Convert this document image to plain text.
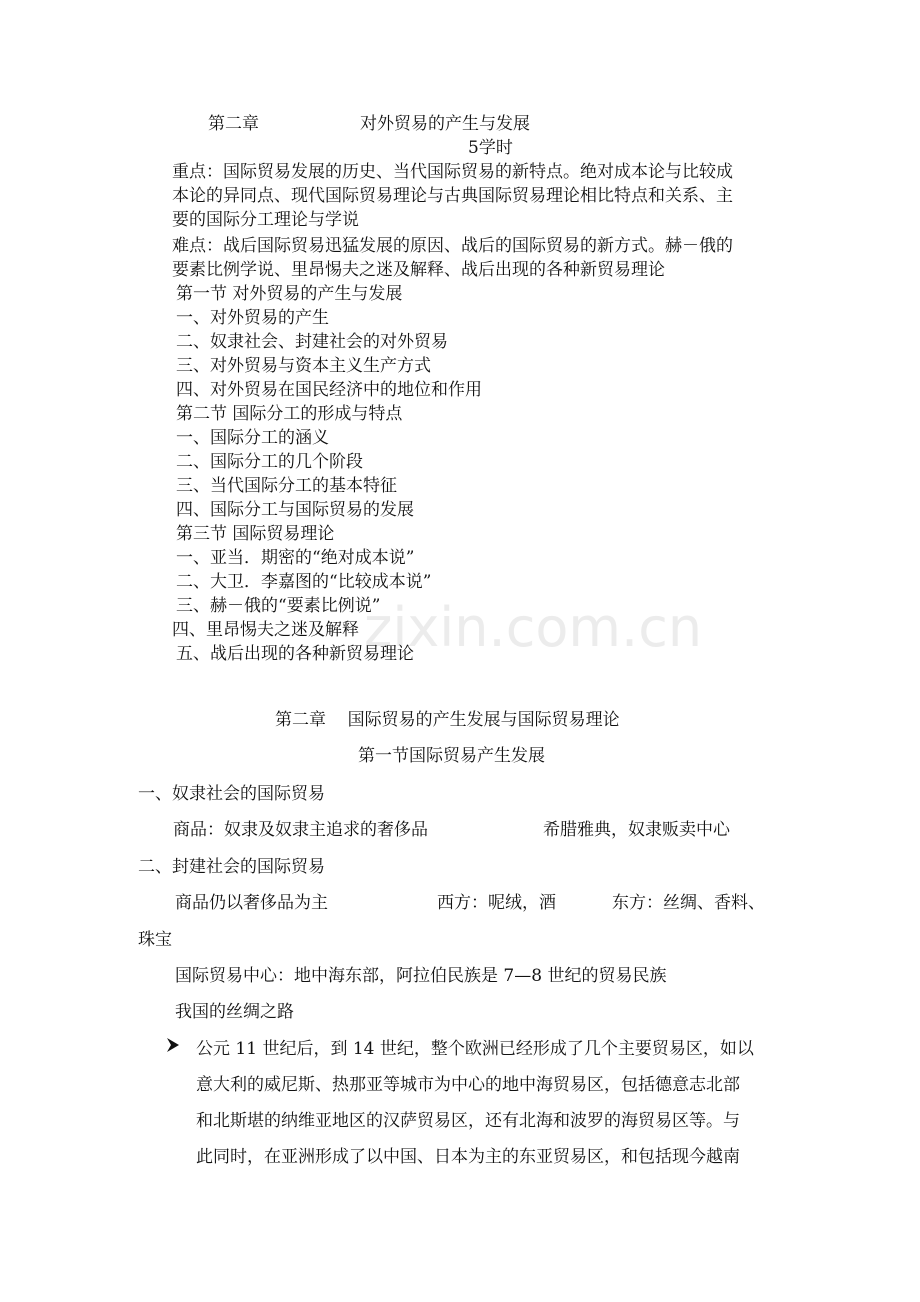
zixin.com.cn
第二章	对外贸易的产生与发展
5学时
重点：国际贸易发展的历史、当代国际贸易的新特点。绝对成本论与比较成
本论的异同点、现代国际贸易理论与古典国际贸易理论相比特点和关系、主
要的国际分工理论与学说
难点：战后国际贸易迅猛发展的原因、战后的国际贸易的新方式。赫－俄的
要素比例学说、里昂惕夫之迷及解释、战后出现的各种新贸易理论
第一节 对外贸易的产生与发展
一、对外贸易的产生
二、奴隶社会、封建社会的对外贸易
三、对外贸易与资本主义生产方式
四、对外贸易在国民经济中的地位和作用
第二节 国际分工的形成与特点
一、国际分工的涵义
二、国际分工的几个阶段
三、当代国际分工的基本特征
四、国际分工与国际贸易的发展
第三节 国际贸易理论
一、亚当．期密的“绝对成本说”
二、大卫．李嘉图的“比较成本说”
三、赫－俄的“要素比例说”
四、里昂惕夫之迷及解释
五、战后出现的各种新贸易理论
第二章    国际贸易的产生发展与国际贸易理论
第一节国际贸易产生发展
一、奴隶社会的国际贸易
商品：奴隶及奴隶主追求的奢侈品	希腊雅典，奴隶贩卖中心
二、封建社会的国际贸易
商品仍以奢侈品为主	西方：呢绒，酒	东方：丝绸、香料、
珠宝
国际贸易中心：地中海东部，阿拉伯民族是 7—8 世纪的贸易民族
我国的丝绸之路
公元 11 世纪后，到 14 世纪，整个欧洲已经形成了几个主要贸易区，如以
意大利的威尼斯、热那亚等城市为中心的地中海贸易区，包括德意志北部
和北斯堪的纳维亚地区的汉萨贸易区，还有北海和波罗的海贸易区等。与
此同时，在亚洲形成了以中国、日本为主的东亚贸易区，和包括现今越南
